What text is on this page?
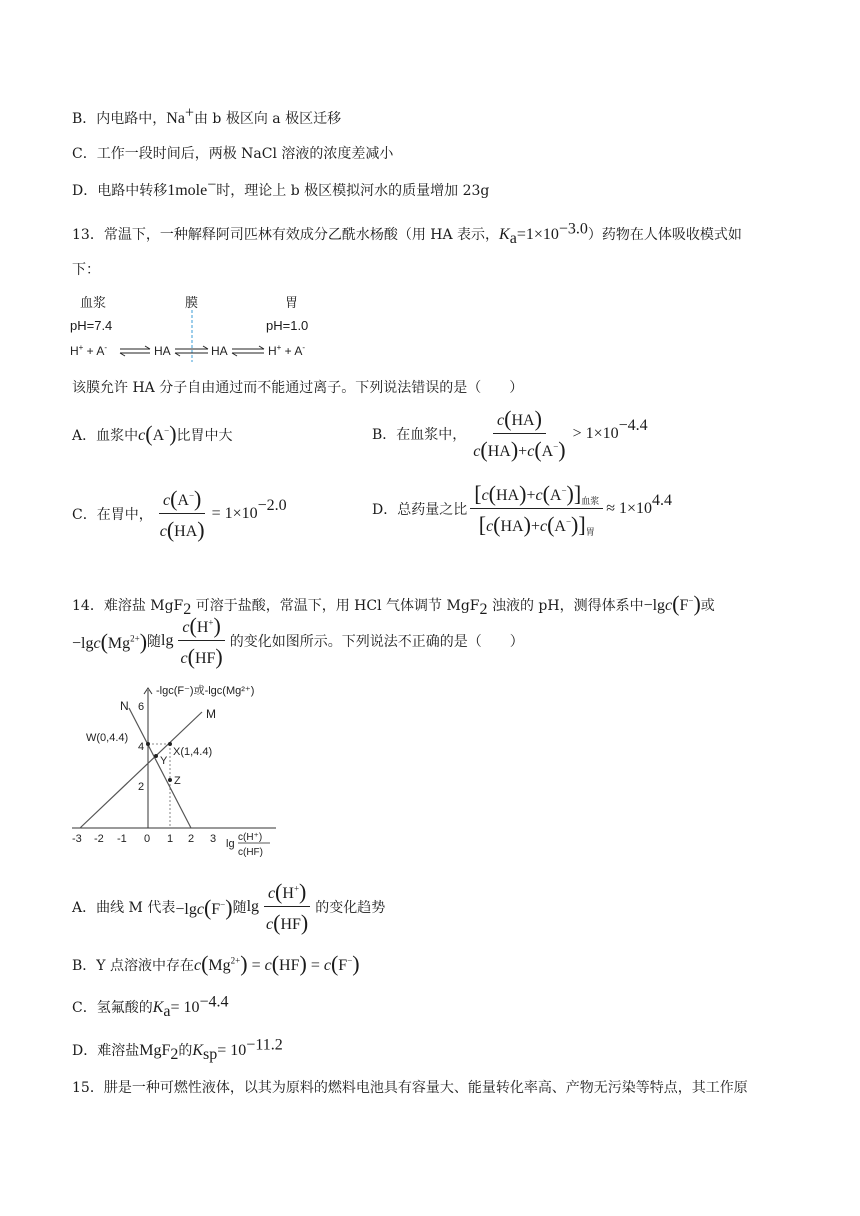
B．内电路中，Na+由 b 极区向 a 极区迁移
C．工作一段时间后，两极 NaCl 溶液的浓度差减小
D．电路中转移1mole−时，理论上 b 极区模拟河水的质量增加 23g
13．常温下，一种解释阿司匹林有效成分乙酰水杨酸（用 HA 表示，$K_a=1\times 10^{-3.0}$）药物在人体吸收模式如
下：
血浆	膜	胃
pH=7.4	pH=1.0
H+ + A-	HA	HA	H+ + A-
该膜允许 HA 分子自由通过而不能通过离子。下列说法错误的是（　　）
A．血浆中c(A−)比胃中大	B．在血浆中， $\frac{c(HA)}{c(HA)+c(A^-)} > 1\times 10^{-4.4}$
C．在胃中， $\frac{c(A^-)}{c(HA)} = 1\times 10^{-2.0}$	D．总药量之比 $\frac{[c(HA)+c(A^-)]_{血浆}}{[c(HA)+c(A^-)]_胃} \approx 1\times 10^{4.4}$
14．难溶盐 MgF$_2$ 可溶于盐酸，常温下，用 HCl 气体调节 MgF$_2$ 浊液的 pH，测得体系中−lgc(F−)或
$-\lg c(Mg^{2+})$ 随 $\lg \frac{c(H^+)}{c(HF)}$ 的变化如图所示。下列说法不正确的是（　　）
-lgc(F⁻)或-lgc(Mg²⁺)
M
N
W(0,4.4)
X(1,4.4)
Y
Z
2
4
6
-3 -2 -1 0 1 2 3 lg
c(H⁺)
c(HF)
A．曲线 M 代表 −lgc(F−) 随 $\lg \frac{c(H^+)}{c(HF)}$ 的变化趋势
B．Y 点溶液中存在$c(Mg^{2+}) = c(HF) = c(F^-)$
C．氢氟酸的$K_a= 10^{-4.4}$
D．难溶盐MgF$_2$的$K_{sp}= 10^{-11.2}$
15．肼是一种可燃性液体，以其为原料的燃料电池具有容量大、能量转化率高、产物无污染等特点，其工作原
